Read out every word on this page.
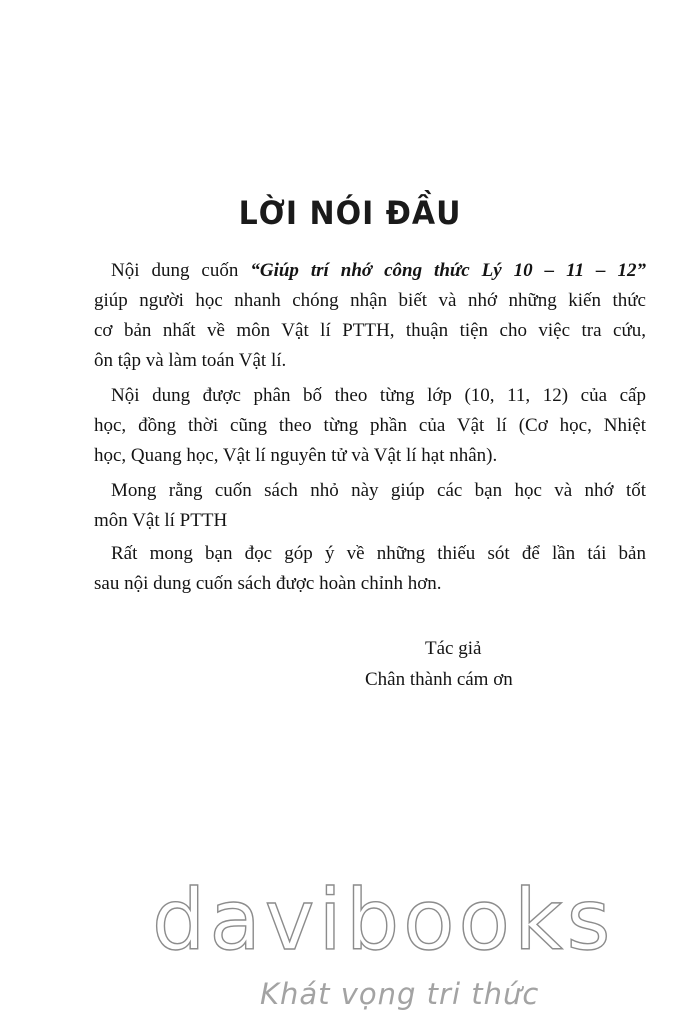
LỜI NÓI ĐẦU
Nội dung cuốn “Giúp trí nhớ công thức Lý 10 – 11 – 12”
giúp người học nhanh chóng nhận biết và nhớ những kiến thức
cơ bản nhất về môn Vật lí PTTH, thuận tiện cho việc tra cứu,
ôn tập và làm toán Vật lí.
Nội dung được phân bố theo từng lớp (10, 11, 12) của cấp
học, đồng thời cũng theo từng phần của Vật lí (Cơ học, Nhiệt
học, Quang học, Vật lí nguyên tử và Vật lí hạt nhân).
Mong rằng cuốn sách nhỏ này giúp các bạn học và nhớ tốt
môn Vật lí PTTH
Rất mong bạn đọc góp ý về những thiếu sót để lần tái bản
sau nội dung cuốn sách được hoàn chỉnh hơn.
Tác giả
Chân thành cám ơn
davibooks
Khát vọng tri thức
